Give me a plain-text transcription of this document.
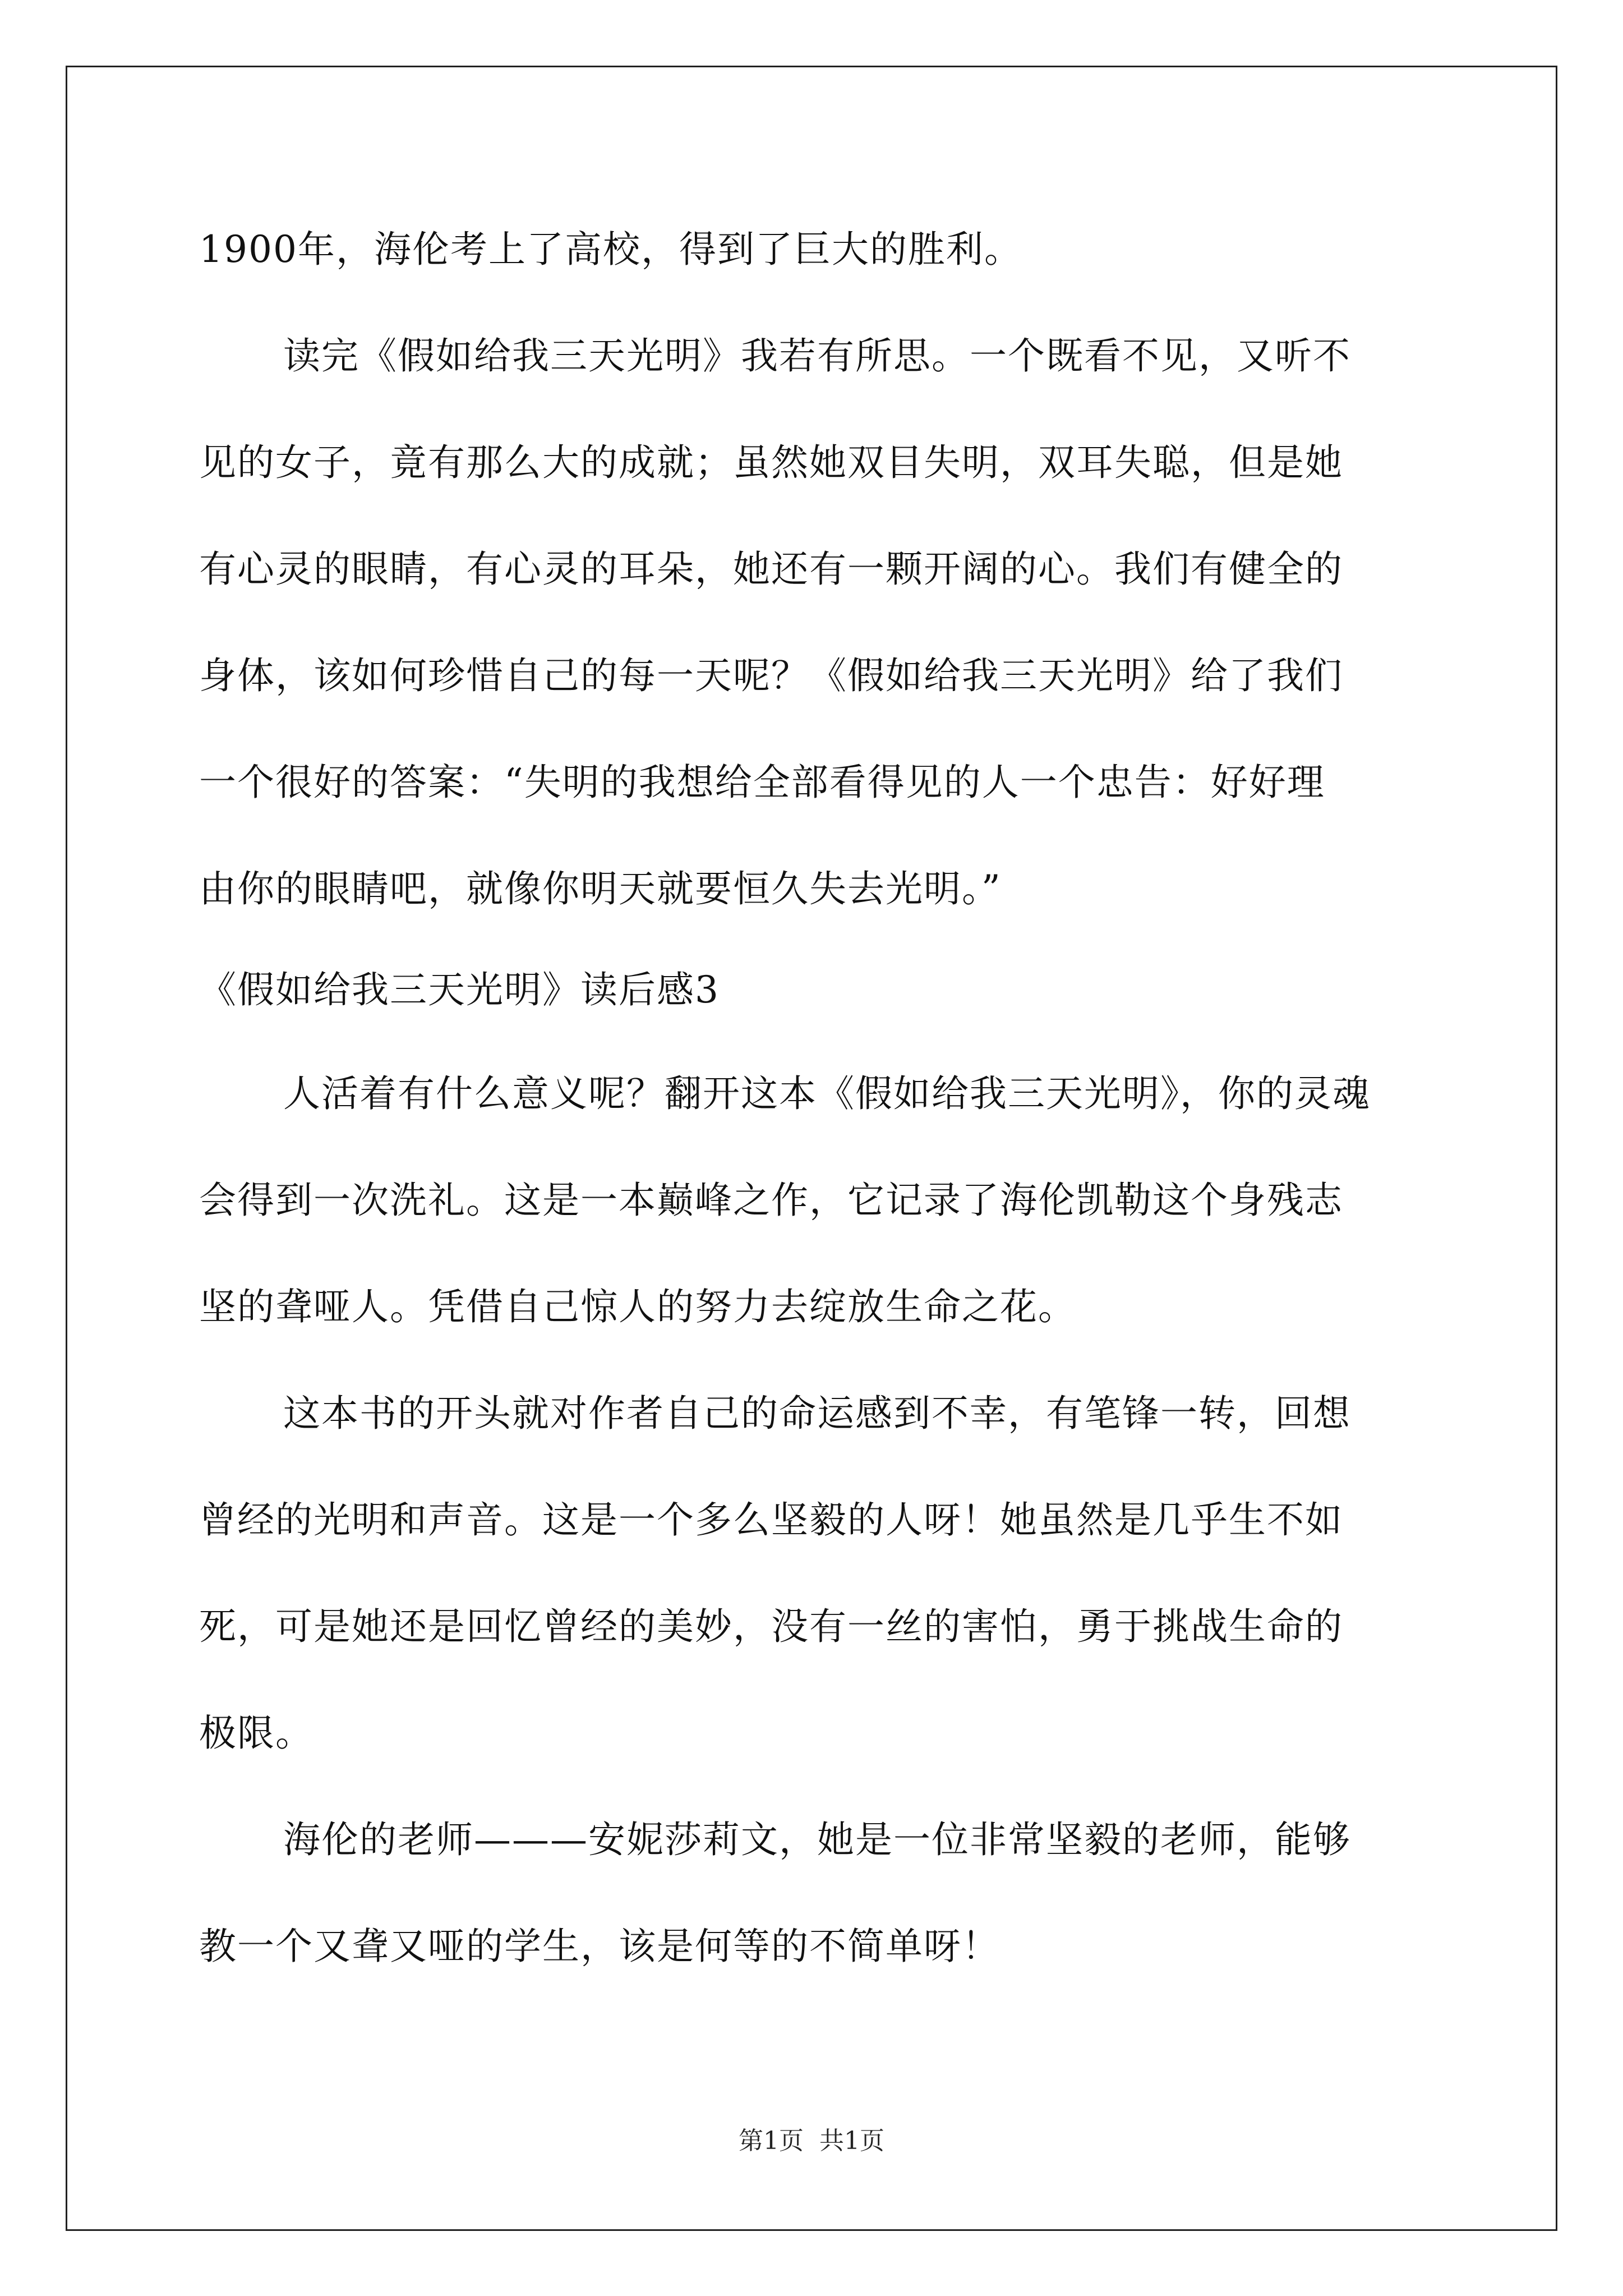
1900年，海伦考上了高校，得到了巨大的胜利。
读完《假如给我三天光明》我若有所思。一个既看不见，又听不
见的女子，竟有那么大的成就；虽然她双目失明，双耳失聪，但是她
有心灵的眼睛，有心灵的耳朵，她还有一颗开阔的心。我们有健全的
身体，该如何珍惜自己的每一天呢？《假如给我三天光明》给了我们
一个很好的答案：“失明的我想给全部看得见的人一个忠告：好好理
由你的眼睛吧，就像你明天就要恒久失去光明。”
《假如给我三天光明》读后感3
人活着有什么意义呢？翻开这本《假如给我三天光明》，你的灵魂
会得到一次洗礼。这是一本巅峰之作，它记录了海伦凯勒这个身残志
坚的聋哑人。凭借自己惊人的努力去绽放生命之花。
这本书的开头就对作者自己的命运感到不幸，有笔锋一转，回想
曾经的光明和声音。这是一个多么坚毅的人呀！她虽然是几乎生不如
死，可是她还是回忆曾经的美妙，没有一丝的害怕，勇于挑战生命的
极限。
海伦的老师———安妮莎莉文，她是一位非常坚毅的老师，能够
教一个又聋又哑的学生，该是何等的不简单呀！
第1页  共1页
